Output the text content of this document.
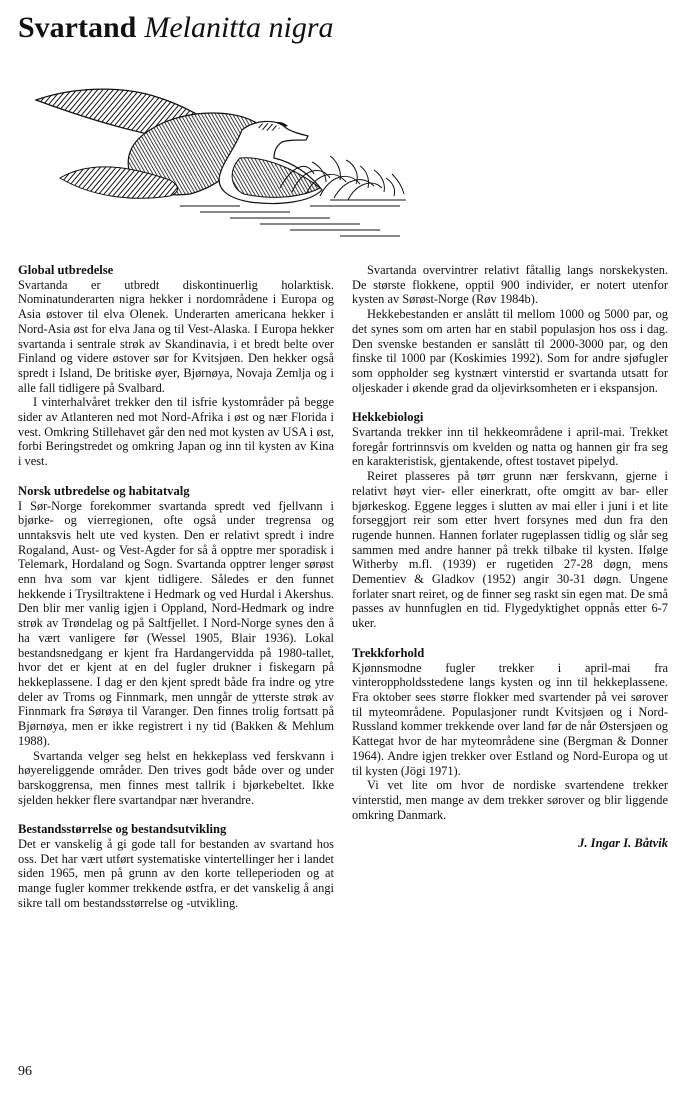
Svartand Melanitta nigra
Global utbredelse

Svartanda er utbredt diskontinuerlig holarktisk. Nominatunderarten nigra hekker i nordområdene i Europa og Asia østover til elva Olenek. Underarten americana hekker i Nord-Asia øst for elva Jana og til Vest-Alaska. I Europa hekker svartanda i sentrale strøk av Skandinavia, i et bredt belte over Finland og videre østover sør for Kvitsjøen. Den hekker også spredt i Island, De britiske øyer, Bjørnøya, Novaja Zemlja og i alle fall tidligere på Svalbard.

I vinterhalvåret trekker den til isfrie kystområder på begge sider av Atlanteren ned mot Nord-Afrika i øst og nær Florida i vest. Omkring Stillehavet går den ned mot kysten av USA i øst, forbi Beringstredet og omkring Japan og inn til kysten av Kina i vest.

Norsk utbredelse og habitatvalg

I Sør-Norge forekommer svartanda spredt ved fjellvann i bjørke- og vierregionen, ofte også under tregrensa og unntaksvis helt ute ved kysten. Den er relativt spredt i indre Rogaland, Aust- og Vest-Agder for så å opptre mer sporadisk i Telemark, Hordaland og Sogn. Svartanda opptrer lenger sørøst enn hva som var kjent tidligere. Således er den funnet hekkende i Trysiltraktene i Hedmark og ved Hurdal i Akershus. Den blir mer vanlig igjen i Oppland, Nord-Hedmark og indre strøk av Trøndelag og på Saltfjellet. I Nord-Norge synes den å ha vært vanligere før (Wessel 1905, Blair 1936). Lokal bestandsnedgang er kjent fra Hardangervidda på 1980-tallet, hvor det er kjent at en del fugler drukner i fiskegarn på hekkeplassene. I dag er den kjent spredt både fra indre og ytre deler av Troms og Finnmark, men unngår de ytterste strøk av Finnmark fra Sørøya til Varanger. Den finnes trolig fortsatt på Bjørnøya, men er ikke registrert i ny tid (Bakken & Mehlum 1988).

Svartanda velger seg helst en hekkeplass ved ferskvann i høyereliggende områder. Den trives godt både over og under barskoggrensa, men finnes mest tallrik i bjørkebeltet. Ikke sjelden hekker flere svartandpar nær hverandre.

Bestandsstørrelse og bestandsutvikling

Det er vanskelig å gi gode tall for bestanden av svartand hos oss. Det har vært utført systematiske vintertellinger her i landet siden 1965, men på grunn av den korte telleperioden og at mange fugler kommer trekkende østfra, er det vanskelig å angi sikre tall om bestandsstørrelse og -utvikling.

Svartanda overvintrer relativt fåtallig langs norskekysten. De største flokkene, opptil 900 individer, er notert utenfor kysten av Sørøst-Norge (Røv 1984b).

Hekkebestanden er anslått til mellom 1000 og 5000 par, og det synes som om arten har en stabil populasjon hos oss i dag. Den svenske bestanden er sanslått til 2000-3000 par, og den finske til 1000 par (Koskimies 1992). Som for andre sjøfugler som oppholder seg kystnært vinterstid er svartanda utsatt for oljeskader i økende grad da oljevirksomheten er i ekspansjon.

Hekkebiologi

Svartanda trekker inn til hekkeområdene i april-mai. Trekket foregår fortrinnsvis om kvelden og natta og hannen gir fra seg en karakteristisk, gjentakende, oftest tostavet pipelyd.

Reiret plasseres på tørr grunn nær ferskvann, gjerne i relativt høyt vier- eller einerkratt, ofte omgitt av bar- eller bjørkeskog. Eggene legges i slutten av mai eller i juni i et lite forseggjort reir som etter hvert forsynes med dun fra den rugende hunnen. Hannen forlater rugeplassen tidlig og slår seg sammen med andre hanner på trekk tilbake til kysten. Ifølge Witherby m.fl. (1939) er rugetiden 27-28 døgn, mens Dementiev & Gladkov (1952) angir 30-31 døgn. Ungene forlater snart reiret, og de finner seg raskt sin egen mat. De små passes av hunnfuglen en tid. Flygedyktighet oppnås etter 6-7 uker.

Trekkforhold

Kjønnsmodne fugler trekker i april-mai fra vinteroppholdsstedene langs kysten og inn til hekkeplassene. Fra oktober sees større flokker med svartender på vei sørover til myteområdene. Populasjoner rundt Kvitsjøen og i Nord-Russland kommer trekkende over land før de når Østersjøen og Kattegat hvor de har myteområdene sine (Bergman & Donner 1964). Andre igjen trekker over Estland og Nord-Europa og ut til kysten (Jögi 1971).

Vi vet lite om hvor de nordiske svartendene trekker vinterstid, men mange av dem trekker sørover og blir liggende omkring Danmark.

J. Ingar I. Båtvik
96
